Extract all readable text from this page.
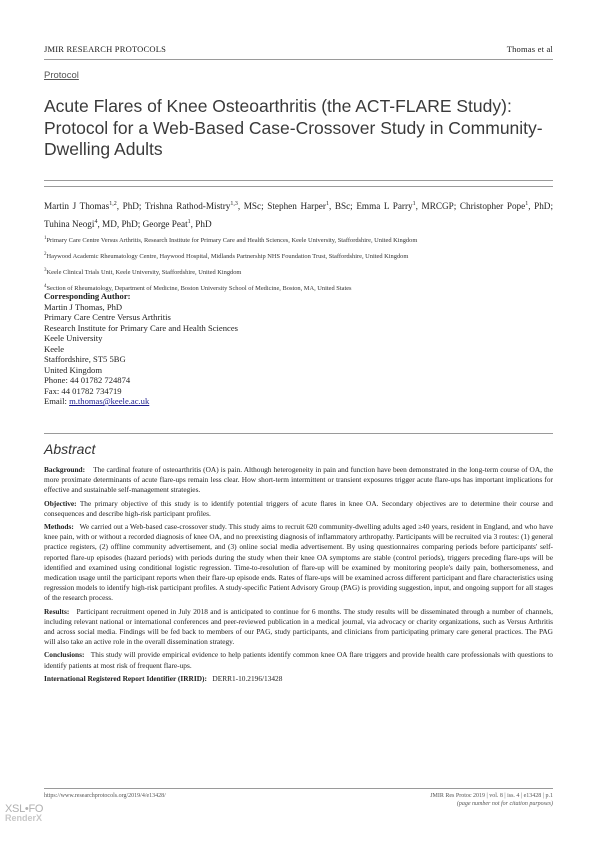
JMIR RESEARCH PROTOCOLS	Thomas et al
Protocol
Acute Flares of Knee Osteoarthritis (the ACT-FLARE Study): Protocol for a Web-Based Case-Crossover Study in Community-Dwelling Adults
Martin J Thomas$^{1,2}$, PhD; Trishna Rathod-Mistry$^{1,3}$, MSc; Stephen Harper$^1$, BSc; Emma L Parry$^1$, MRCGP; Christopher Pope$^1$, PhD; Tuhina Neogi$^4$, MD, PhD; George Peat$^1$, PhD
$^1$Primary Care Centre Versus Arthritis, Research Institute for Primary Care and Health Sciences, Keele University, Staffordshire, United Kingdom
$^2$Haywood Academic Rheumatology Centre, Haywood Hospital, Midlands Partnership NHS Foundation Trust, Staffordshire, United Kingdom
$^3$Keele Clinical Trials Unit, Keele University, Staffordshire, United Kingdom
$^4$Section of Rheumatology, Department of Medicine, Boston University School of Medicine, Boston, MA, United States
Corresponding Author:
Martin J Thomas, PhD
Primary Care Centre Versus Arthritis
Research Institute for Primary Care and Health Sciences
Keele University
Keele
Staffordshire, ST5 5BG
United Kingdom
Phone: 44 01782 724874
Fax: 44 01782 734719
Email: m.thomas@keele.ac.uk
Abstract

Background: The cardinal feature of osteoarthritis (OA) is pain. Although heterogeneity in pain and function have been demonstrated in the long-term course of OA, the more proximate determinants of acute flare-ups remain less clear. How short-term intermittent or transient exposures trigger acute flare-ups has important implications for effective and sustainable self-management strategies.

Objective: The primary objective of this study is to identify potential triggers of acute flares in knee OA. Secondary objectives are to determine their course and consequences and describe high-risk participant profiles.

Methods: We carried out a Web-based case-crossover study. This study aims to recruit 620 community-dwelling adults aged ≥40 years, resident in England, and who have knee pain, with or without a recorded diagnosis of knee OA, and no preexisting diagnosis of inflammatory arthropathy. Participants will be recruited via 3 routes: (1) general practice registers, (2) offline community advertisement, and (3) online social media advertisement. By using questionnaires comparing periods before participants' self-reported flare-up episodes (hazard periods) with periods during the study when their knee OA symptoms are stable (control periods), triggers preceding flare-ups will be identified and examined using conditional logistic regression. Time-to-resolution of flare-up will be examined by monitoring people's daily pain, bothersomeness, and medication usage until the participant reports when their flare-up episode ends. Rates of flare-ups will be examined across different participant and flare characteristics using regression models to identify high-risk participant profiles. A study-specific Patient Advisory Group (PAG) is providing suggestion, input, and ongoing support for all stages of the research process.

Results: Participant recruitment opened in July 2018 and is anticipated to continue for 6 months. The study results will be disseminated through a number of channels, including relevant national or international conferences and peer-reviewed publication in a medical journal, via advocacy or charity organizations, such as Versus Arthritis and across social media. Findings will be fed back to members of our PAG, study participants, and clinicians from participating primary care general practices. The PAG will also take an active role in the overall dissemination strategy.

Conclusions: This study will provide empirical evidence to help patients identify common knee OA flare triggers and provide health care professionals with questions to identify patients at most risk of frequent flare-ups.

International Registered Report Identifier (IRRID): DERR1-10.2196/13428

https://www.researchprotocols.org/2019/4/e13428/	JMIR Res Protoc 2019 | vol. 8 | iss. 4 | e13428 | p.1
(page number not for citation purposes)
XSL•FO
RenderX
